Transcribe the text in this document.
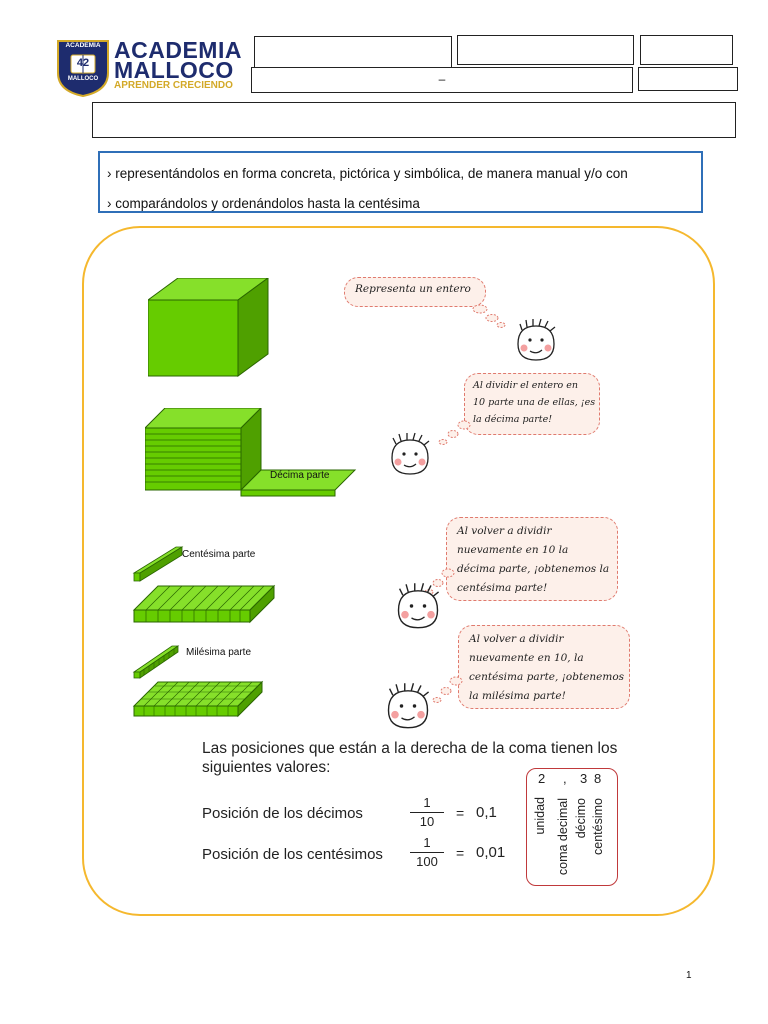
ACADEMIA
42
MALLOCO
ACADEMIA
MALLOCO
APRENDER CRECIENDO	–
› representándolos en forma concreta, pictórica y simbólica, de manera manual y/o con
› comparándolos y ordenándolos hasta la centésima
Décima parte
Centésima parte
Milésima parte
Representa un entero
Al dividir el entero en
10 parte una de ellas, ¡es
la décima parte!
Al volver a dividir
nuevamente en 10 la
décima parte, ¡obtenemos la
centésima parte!
Al volver a dividir
nuevamente en 10, la
centésima parte, ¡obtenemos
la milésima parte!
Las posiciones que están a la derecha de la coma tienen los
siguientes valores:
Posición de los décimos	$\frac{1}{10} = 0,1$
Posición de los centésimos $\frac{1}{100} = 0,01$
2 , 3 8
unidad coma decimal décimo centésimo
1
